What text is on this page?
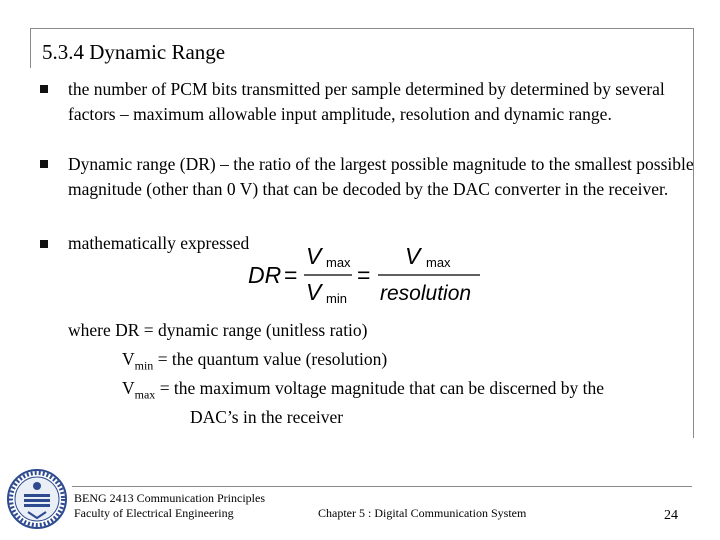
5.3.4 Dynamic Range
the number of PCM bits transmitted per sample determined by determined by several factors – maximum allowable input amplitude, resolution and dynamic range.
Dynamic range (DR) – the ratio of the largest possible magnitude to the smallest possible magnitude (other than 0 V) that can be decoded by the DAC converter in the receiver.
mathematically expressed
DR =
V max
V min
=
V max
resolution
where DR = dynamic range (unitless ratio)
$V_{min}$ = the quantum value (resolution)
$V_{max}$ = the maximum voltage magnitude that can be discerned by the
DAC’s in the receiver
BENG 2413 Communication Principles
Faculty of Electrical Engineering	Chapter 5 : Digital Communication System	24
